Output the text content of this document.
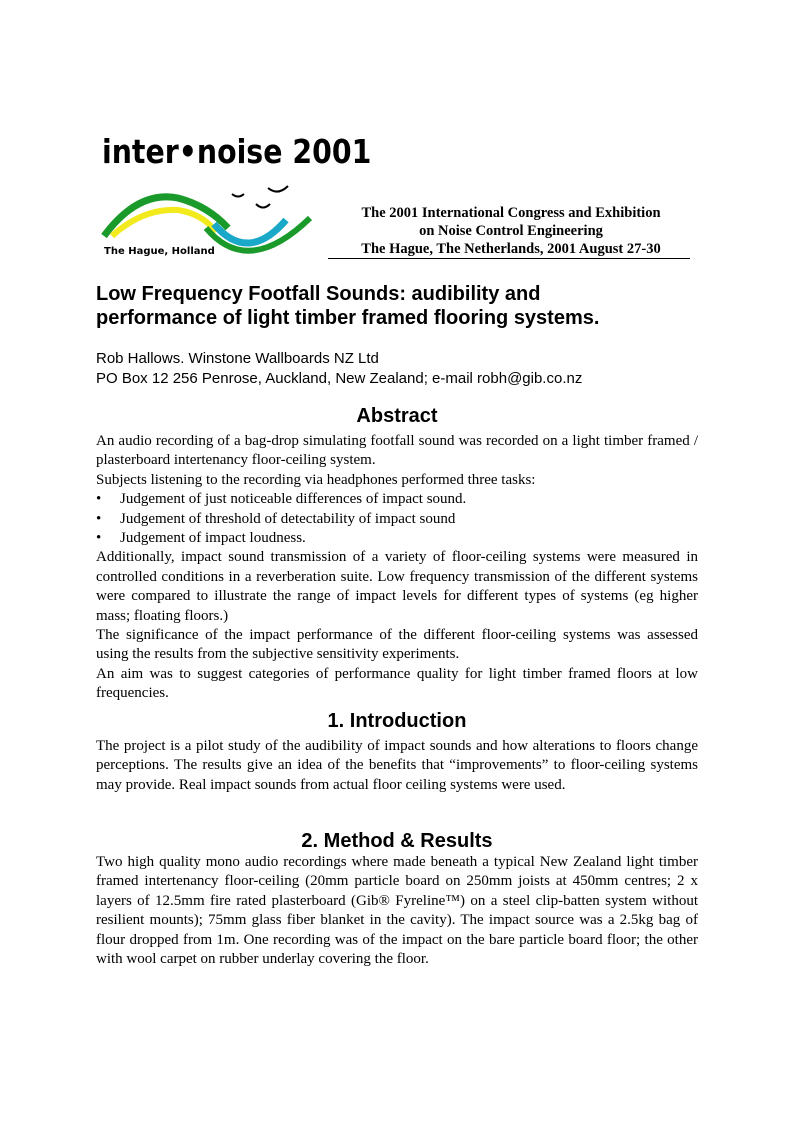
inter•noise 2001
The Hague, Holland
The 2001 International Congress and Exhibition
on Noise Control Engineering
The Hague, The Netherlands, 2001 August 27-30
Low Frequency Footfall Sounds: audibility and
performance of light timber framed flooring systems.
Rob Hallows. Winstone Wallboards NZ Ltd
PO Box 12 256 Penrose, Auckland, New Zealand; e-mail robh@gib.co.nz
Abstract

An audio recording of a bag-drop simulating footfall sound was recorded on a light timber framed / plasterboard intertenancy floor-ceiling system.

Subjects listening to the recording via headphones performed three tasks:

• Judgement of just noticeable differences of impact sound.
• Judgement of threshold of detectability of impact sound
• Judgement of impact loudness.

Additionally, impact sound transmission of a variety of floor-ceiling systems were measured in controlled conditions in a reverberation suite. Low frequency transmission of the different systems were compared to illustrate the range of impact levels for different types of systems (eg higher mass; floating floors.)

The significance of the impact performance of the different floor-ceiling systems was assessed using the results from the subjective sensitivity experiments.

An aim was to suggest categories of performance quality for light timber framed floors at low frequencies.

1. Introduction

The project is a pilot study of the audibility of impact sounds and how alterations to floors change perceptions. The results give an idea of the benefits that “improvements” to floor-ceiling systems may provide. Real impact sounds from actual floor ceiling systems were used.

2. Method & Results

Two high quality mono audio recordings where made beneath a typical New Zealand light timber framed intertenancy floor-ceiling (20mm particle board on 250mm joists at 450mm centres; 2 x layers of 12.5mm fire rated plasterboard (Gib® Fyreline™) on a steel clip-batten system without resilient mounts); 75mm glass fiber blanket in the cavity). The impact source was a 2.5kg bag of flour dropped from 1m. One recording was of the impact on the bare particle board floor; the other with wool carpet on rubber underlay covering the floor.
